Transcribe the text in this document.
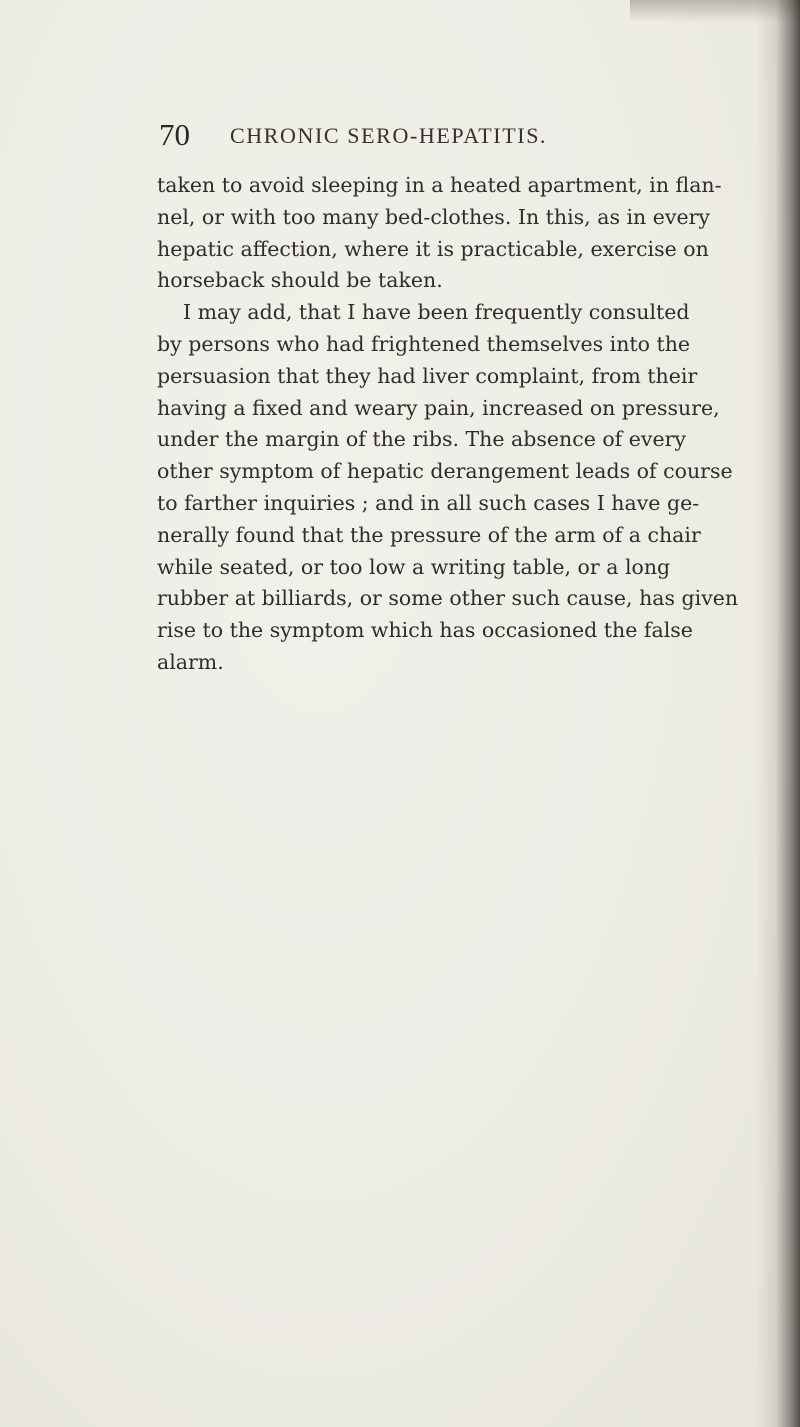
70 CHRONIC SERO-HEPATITIS.
taken to avoid sleeping in a heated apartment, in flan-
nel, or with too many bed-clothes. In this, as in every
hepatic affection, where it is practicable, exercise on
horseback should be taken.
I may add, that I have been frequently consulted
by persons who had frightened themselves into the
persuasion that they had liver complaint, from their
having a fixed and weary pain, increased on pressure,
under the margin of the ribs. The absence of every
other symptom of hepatic derangement leads of course
to farther inquiries ; and in all such cases I have ge-
nerally found that the pressure of the arm of a chair
while seated, or too low a writing table, or a long
rubber at billiards, or some other such cause, has given
rise to the symptom which has occasioned the false
alarm.
